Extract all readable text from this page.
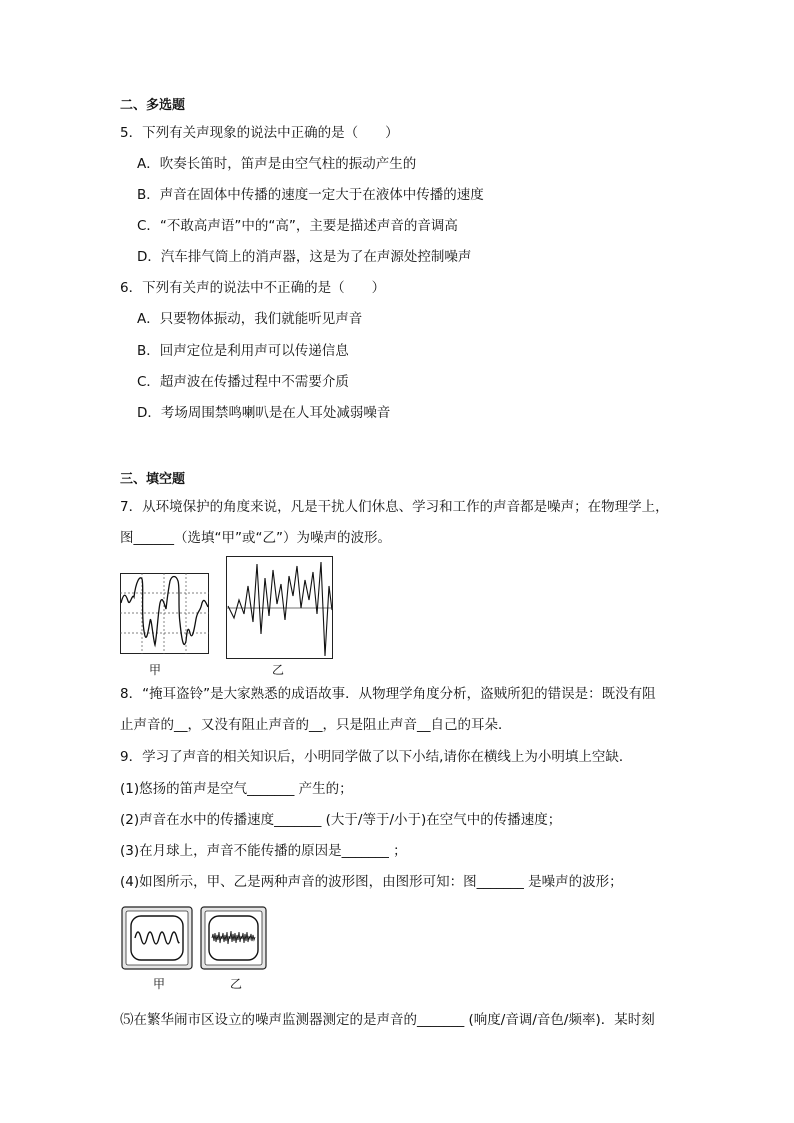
二、多选题
5．下列有关声现象的说法中正确的是（　　）
A．吹奏长笛时，笛声是由空气柱的振动产生的
B．声音在固体中传播的速度一定大于在液体中传播的速度
C．“不敢高声语”中的“高”，主要是描述声音的音调高
D．汽车排气筒上的消声器，这是为了在声源处控制噪声
6．下列有关声的说法中不正确的是（　　）
A．只要物体振动，我们就能听见声音
B．回声定位是利用声可以传递信息
C．超声波在传播过程中不需要介质
D．考场周围禁鸣喇叭是在人耳处减弱噪音
三、填空题
7．从环境保护的角度来说，凡是干扰人们休息、学习和工作的声音都是噪声；在物理学上，
图______（选填“甲”或“乙”）为噪声的波形。
甲	乙
8．“掩耳盗铃”是大家熟悉的成语故事．从物理学角度分析，盗贼所犯的错误是：既没有阻
止声音的__，又没有阻止声音的__，只是阻止声音__自己的耳朵．
9．学习了声音的相关知识后，小明同学做了以下小结,请你在横线上为小明填上空缺．
(1)悠扬的笛声是空气_______ 产生的；
(2)声音在水中的传播速度_______ (大于/等于/小于)在空气中的传播速度；
(3)在月球上，声音不能传播的原因是_______ ；
(4)如图所示，甲、乙是两种声音的波形图，由图形可知：图_______ 是噪声的波形；
甲	乙
⑸在繁华闹市区设立的噪声监测器测定的是声音的_______ (响度/音调/音色/频率)．某时刻
